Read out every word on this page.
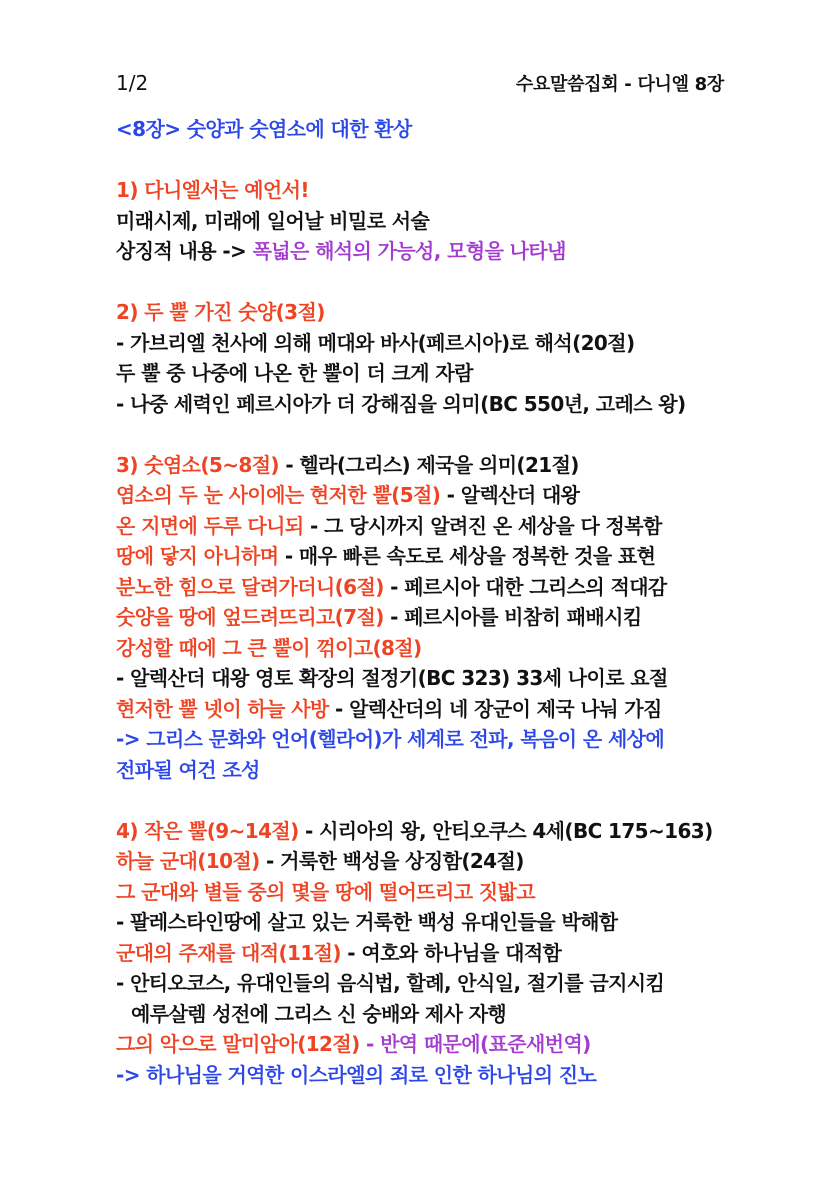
1/2	수요말씀집회 - 다니엘 8장
<8장> 숫양과 숫염소에 대한 환상
1) 다니엘서는 예언서!
미래시제, 미래에 일어날 비밀로 서술
상징적 내용 -> 폭넓은 해석의 가능성, 모형을 나타냄
2) 두 뿔 가진 숫양(3절)
- 가브리엘 천사에 의해 메대와 바사(페르시아)로 해석(20절)
두 뿔 중 나중에 나온 한 뿔이 더 크게 자람
- 나중 세력인 페르시아가 더 강해짐을 의미(BC 550년, 고레스 왕)
3) 숫염소(5~8절) - 헬라(그리스) 제국을 의미(21절)
염소의 두 눈 사이에는 현저한 뿔(5절) - 알렉산더 대왕
온 지면에 두루 다니되 - 그 당시까지 알려진 온 세상을 다 정복함
땅에 닿지 아니하며 - 매우 빠른 속도로 세상을 정복한 것을 표현
분노한 힘으로 달려가더니(6절) - 페르시아 대한 그리스의 적대감
숫양을 땅에 엎드려뜨리고(7절) - 페르시아를 비참히 패배시킴
강성할 때에 그 큰 뿔이 꺾이고(8절)
- 알렉산더 대왕 영토 확장의 절정기(BC 323) 33세 나이로 요절
현저한 뿔 넷이 하늘 사방 - 알렉산더의 네 장군이 제국 나눠 가짐
-> 그리스 문화와 언어(헬라어)가 세계로 전파, 복음이 온 세상에
전파될 여건 조성
4) 작은 뿔(9~14절) - 시리아의 왕, 안티오쿠스 4세(BC 175~163)
하늘 군대(10절) - 거룩한 백성을 상징함(24절)
그 군대와 별들 중의 몇을 땅에 떨어뜨리고 짓밟고
- 팔레스타인땅에 살고 있는 거룩한 백성 유대인들을 박해함
군대의 주재를 대적(11절) - 여호와 하나님을 대적함
- 안티오코스, 유대인들의 음식법, 할례, 안식일, 절기를 금지시킴
예루살렘 성전에 그리스 신 숭배와 제사 자행
그의 악으로 말미암아(12절) - 반역 때문에(표준새번역)
-> 하나님을 거역한 이스라엘의 죄로 인한 하나님의 진노
